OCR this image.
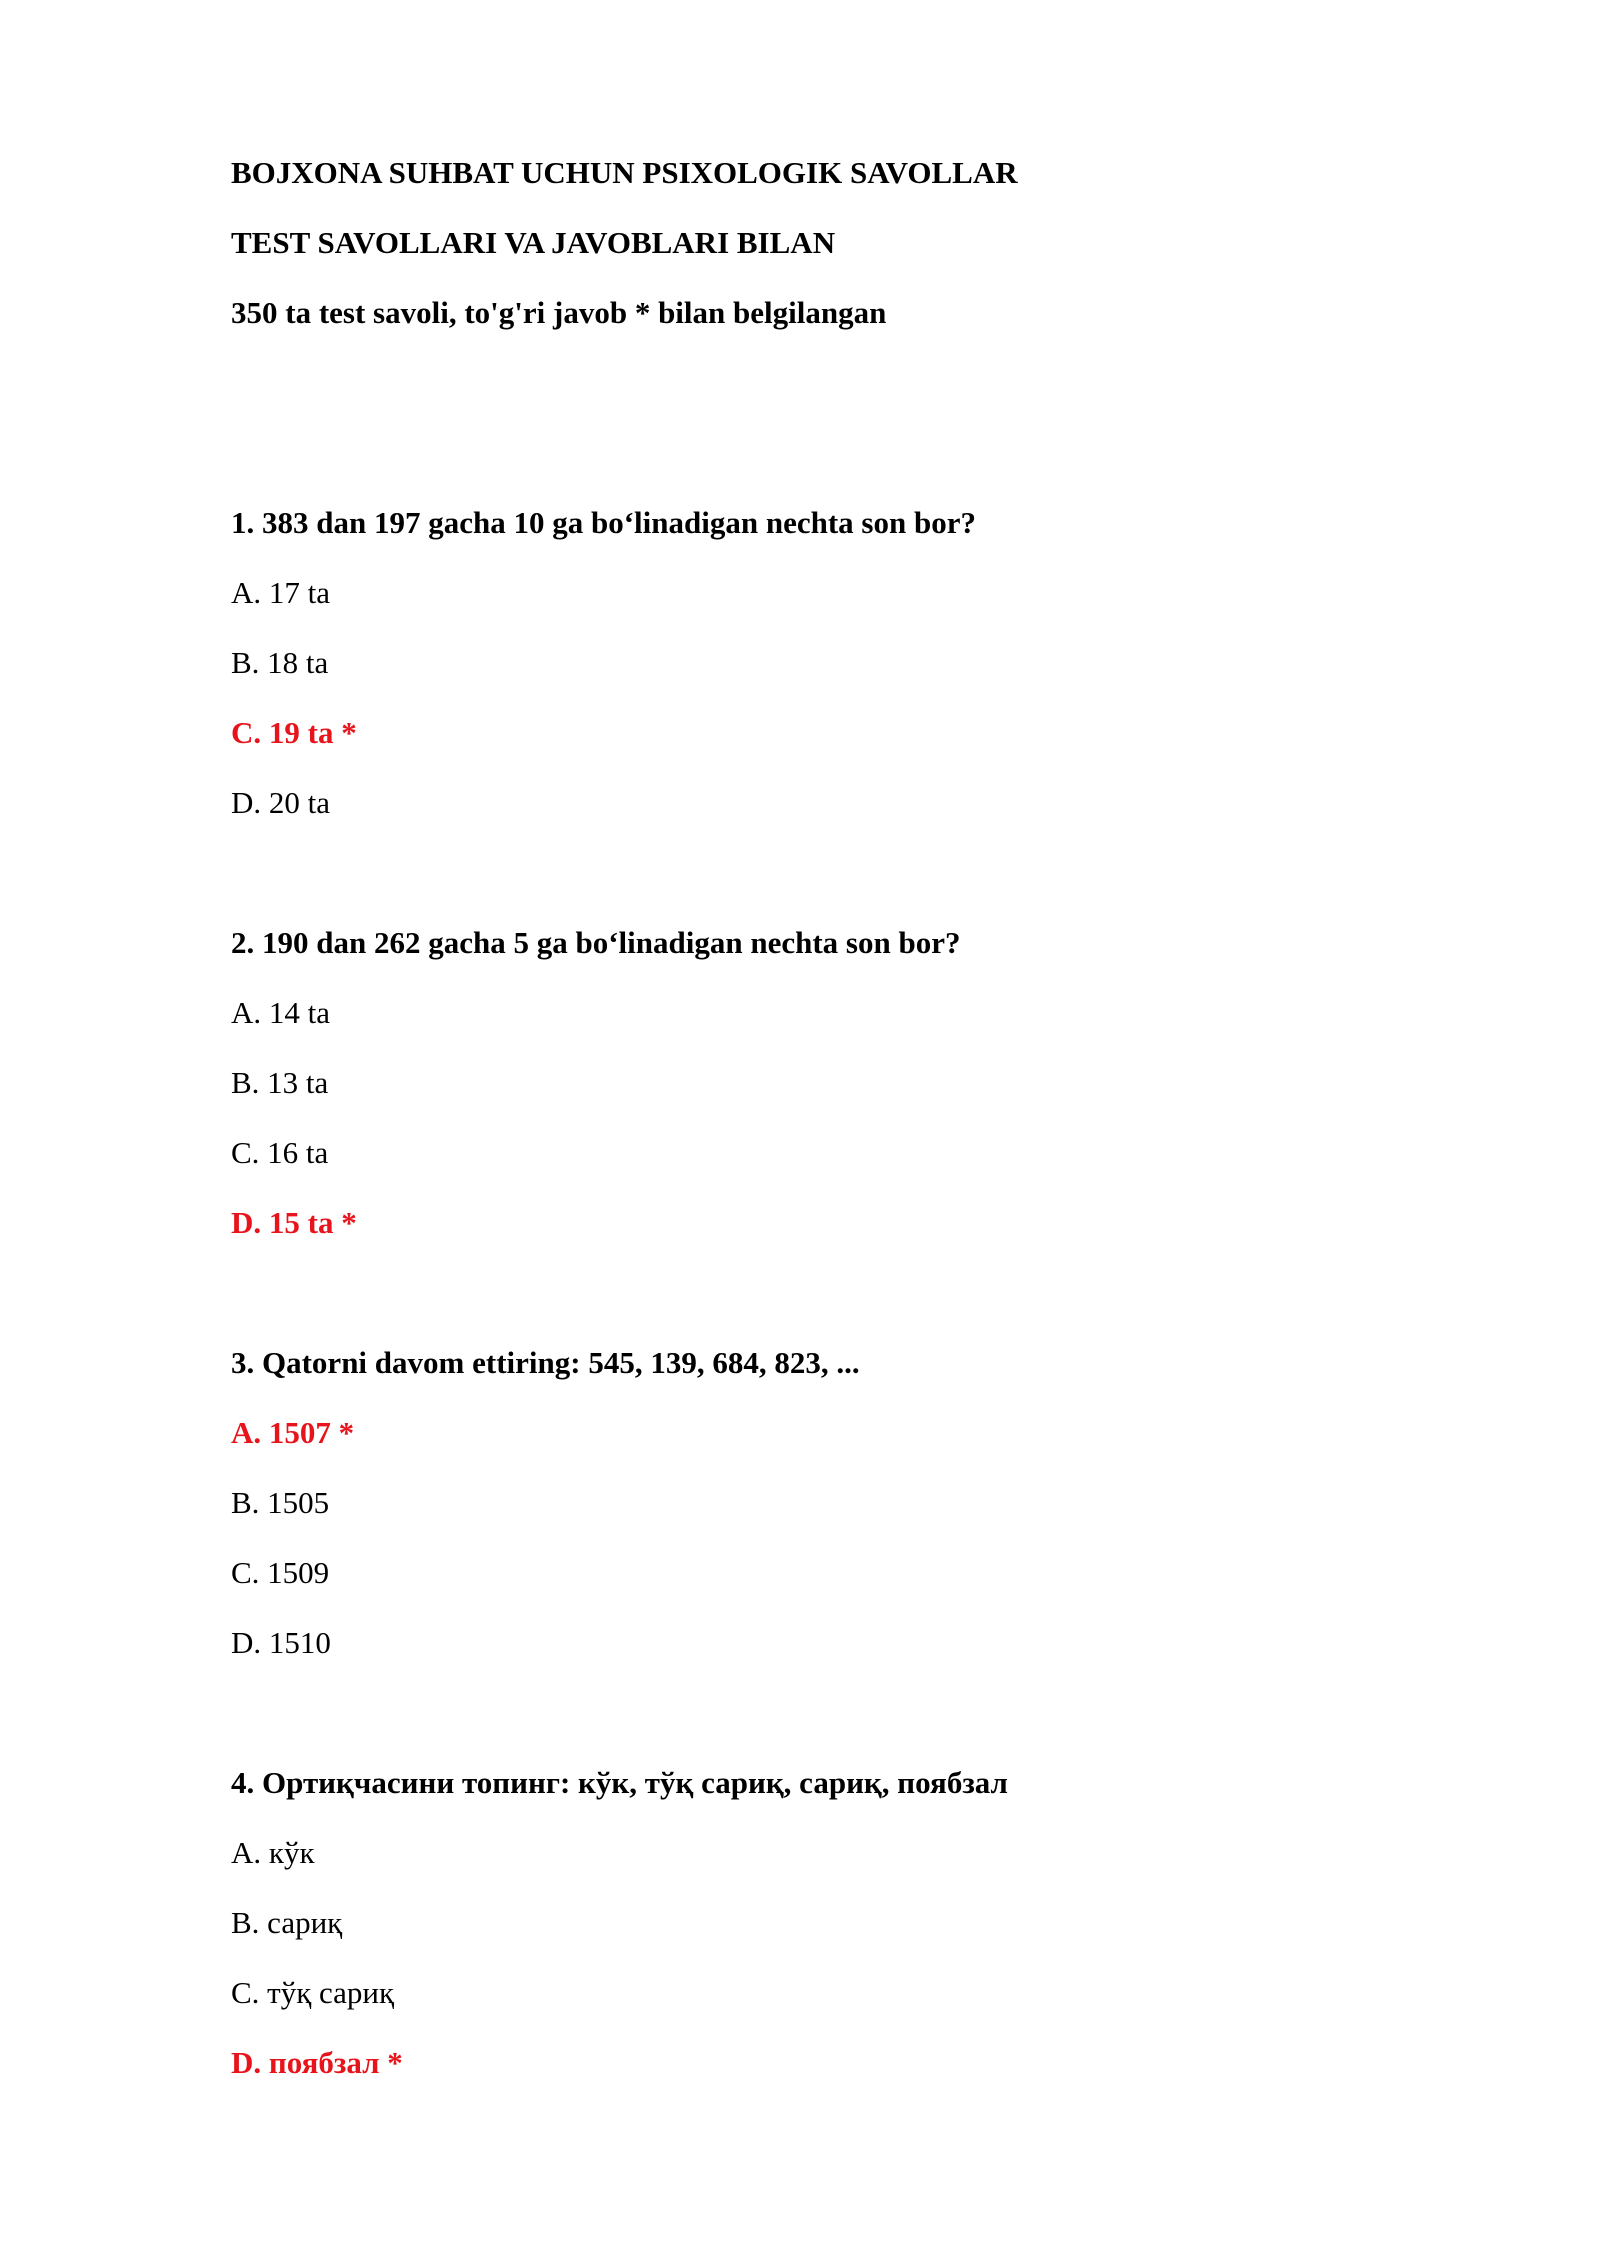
BOJXONA SUHBAT UCHUN PSIXOLOGIK SAVOLLAR
TEST SAVOLLARI VA JAVOBLARI BILAN
350 ta test savoli, to'g'ri javob * bilan belgilangan
1. 383 dan 197 gacha 10 ga bo‘linadigan nechta son bor?
A. 17 ta
B. 18 ta
C. 19 ta *
D. 20 ta
2. 190 dan 262 gacha 5 ga bo‘linadigan nechta son bor?
A. 14 ta
B. 13 ta
C. 16 ta
D. 15 ta *
3. Qatorni davom ettiring: 545, 139, 684, 823, ...
A. 1507 *
B. 1505
C. 1509
D. 1510
4. Ортиқчасини топинг: кўк, тўқ сариқ, сариқ, поябзал
A. кўк
B. сариқ
C. тўқ сариқ
D. поябзал *
